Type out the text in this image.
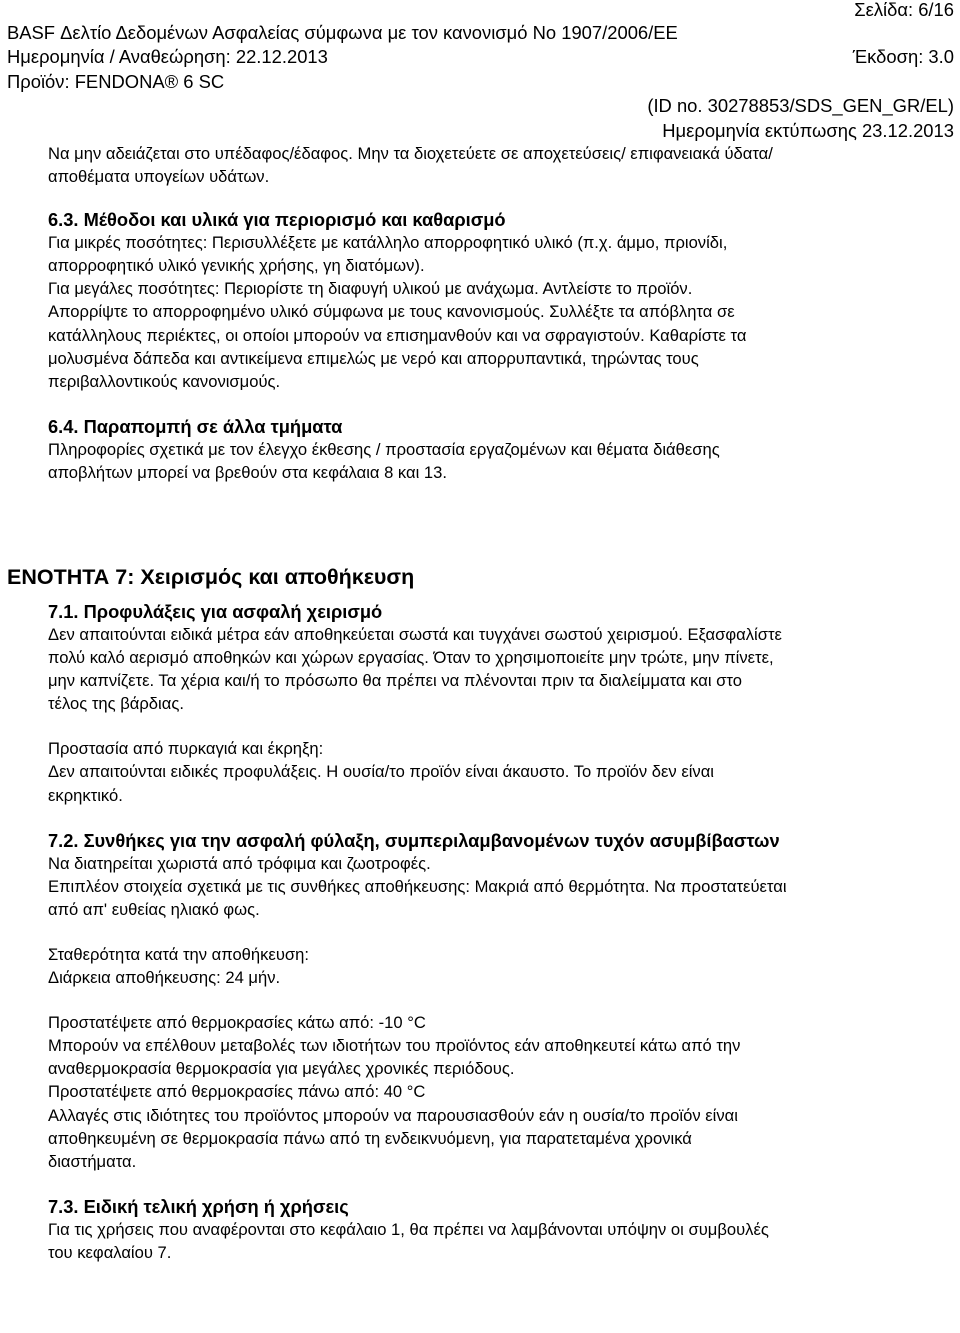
Σελίδα: 6/16
BASF Δελτίο Δεδομένων Ασφαλείας σύμφωνα με τον κανονισμό Νο 1907/2006/ΕΕ
Ημερομηνία / Αναθεώρηση: 22.12.2013	Έκδοση: 3.0
Προϊόν: FENDONA® 6 SC
(ID no. 30278853/SDS_GEN_GR/EL)
Ημερομηνία εκτύπωσης 23.12.2013

Να μην αδειάζεται στο υπέδαφος/έδαφος. Μην τα διοχετεύετε σε αποχετεύσεις/ επιφανειακά ύδατα/

αποθέματα υπογείων υδάτων.

6.3. Μέθοδοι και υλικά για περιορισμό και καθαρισμό

Για μικρές ποσότητες: Περισυλλέξετε με κατάλληλο απορροφητικό υλικό (π.χ. άμμο, πριονίδι,

απορροφητικό υλικό γενικής χρήσης, γη διατόμων).

Για μεγάλες ποσότητες: Περιορίστε τη διαφυγή υλικού με ανάχωμα. Αντλείστε το προϊόν.

Απορρίψτε το απορροφημένο υλικό σύμφωνα με τους κανονισμούς. Συλλέξτε τα απόβλητα σε

κατάλληλους περιέκτες, οι οποίοι μπορούν να επισημανθούν και να σφραγιστούν. Καθαρίστε τα

μολυσμένα δάπεδα και αντικείμενα επιμελώς με νερό και απορρυπαντικά, τηρώντας τους

περιβαλλοντικούς κανονισμούς.

6.4. Παραπομπή σε άλλα τμήματα

Πληροφορίες σχετικά με τον έλεγχο έκθεσης / προστασία εργαζομένων και θέματα διάθεσης

αποβλήτων μπορεί να βρεθούν στα κεφάλαια 8 και 13.

ΕΝΟΤΗΤΑ 7: Χειρισμός και αποθήκευση

7.1. Προφυλάξεις για ασφαλή χειρισμό

Δεν απαιτούνται ειδικά μέτρα εάν αποθηκεύεται σωστά και τυγχάνει σωστού χειρισμού. Εξασφαλίστε

πολύ καλό αερισμό αποθηκών και χώρων εργασίας. Όταν το χρησιμοποιείτε μην τρώτε, μην πίνετε,

μην καπνίζετε. Τα χέρια και/ή το πρόσωπο θα πρέπει να πλένονται πριν τα διαλείμματα και στο

τέλος της βάρδιας.

Προστασία από πυρκαγιά και έκρηξη:

Δεν απαιτούνται ειδικές προφυλάξεις. Η ουσία/το προϊόν είναι άκαυστο. Το προϊόν δεν είναι

εκρηκτικό.

7.2. Συνθήκες για την ασφαλή φύλαξη, συμπεριλαμβανομένων τυχόν ασυμβίβαστων

Να διατηρείται χωριστά από τρόφιμα και ζωοτροφές.

Επιπλέον στοιχεία σχετικά με τις συνθήκες αποθήκευσης: Μακριά από θερμότητα. Να προστατεύεται

από απ' ευθείας ηλιακό φως.

Σταθερότητα κατά την αποθήκευση:

Διάρκεια αποθήκευσης: 24 μήν.

Προστατέψετε από θερμοκρασίες κάτω από: -10 °C

Μπορούν να επέλθουν μεταβολές των ιδιοτήτων του προϊόντος εάν αποθηκευτεί κάτω από την

αναθερμοκρασία θερμοκρασία για μεγάλες χρονικές περιόδους.

Προστατέψετε από θερμοκρασίες πάνω από: 40 °C

Αλλαγές στις ιδιότητες του προϊόντος μπορούν να παρουσιασθούν εάν η ουσία/το προϊόν είναι

αποθηκευμένη σε θερμοκρασία πάνω από τη ενδεικνυόμενη, για παρατεταμένα χρονικά

διαστήματα.

7.3. Ειδική τελική χρήση ή χρήσεις

Για τις χρήσεις που αναφέρονται στο κεφάλαιο 1, θα πρέπει να λαμβάνονται υπόψην οι συμβουλές

του κεφαλαίου 7.
